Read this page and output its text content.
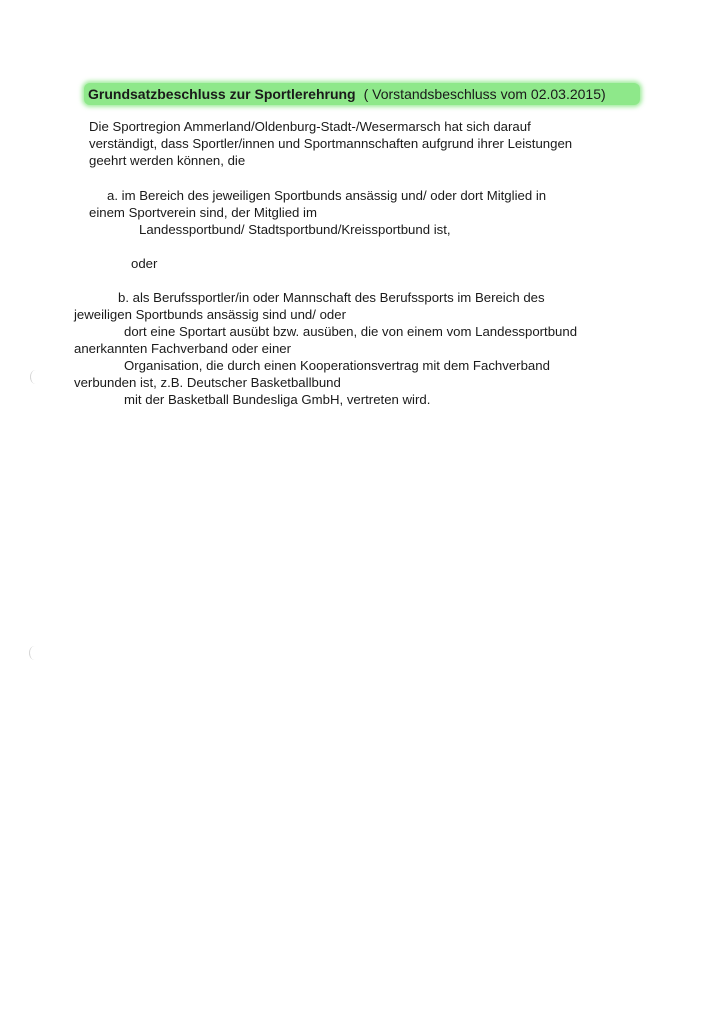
Grundsatzbeschluss zur Sportlerehrung ( Vorstandsbeschluss vom 02.03.2015)
Die Sportregion Ammerland/Oldenburg-Stadt-/Wesermarsch hat sich darauf
verständigt, dass Sportler/innen und Sportmannschaften aufgrund ihrer Leistungen
geehrt werden können, die
a. im Bereich des jeweiligen Sportbunds ansässig und/ oder dort Mitglied in
einem Sportverein sind, der Mitglied im
Landessportbund/ Stadtsportbund/Kreissportbund ist,
oder
b. als Berufssportler/in oder Mannschaft des Berufssports im Bereich des
jeweiligen Sportbunds ansässig sind und/ oder
dort eine Sportart ausübt bzw. ausüben, die von einem vom Landessportbund
anerkannten Fachverband oder einer
Organisation, die durch einen Kooperationsvertrag mit dem Fachverband
verbunden ist, z.B. Deutscher Basketballbund
mit der Basketball Bundesliga GmbH, vertreten wird.
